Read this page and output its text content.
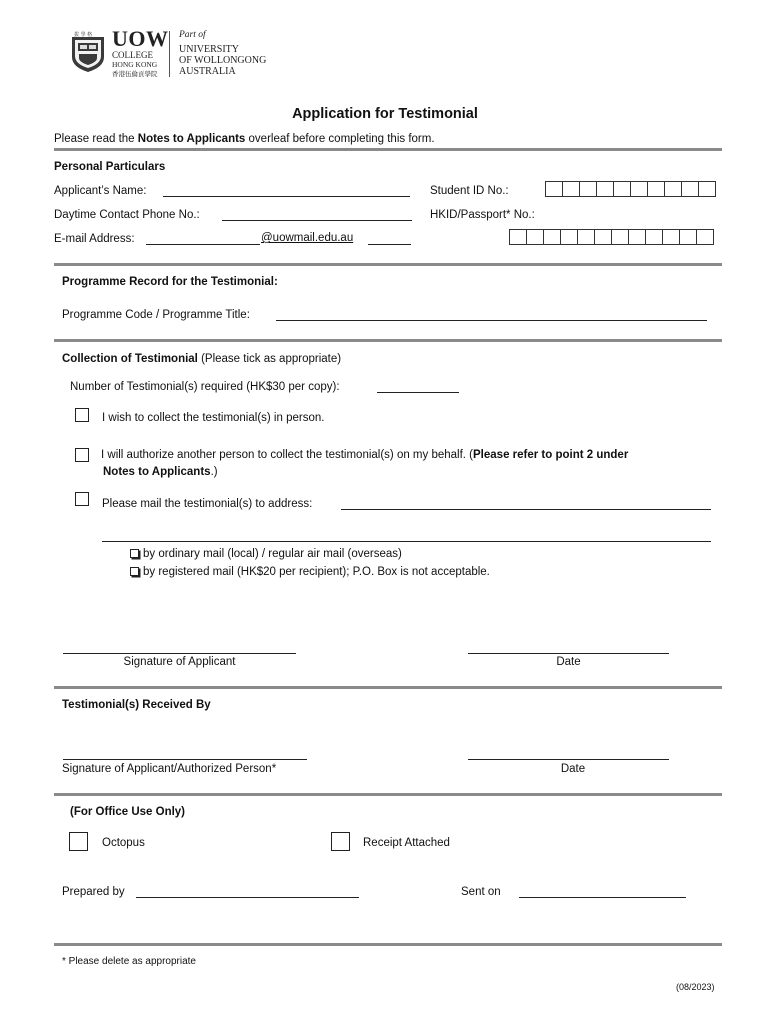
拔 學 格 UOW
COLLEGE
HONG KONG
香港伍倫貢學院
Part of
UNIVERSITY
OF WOLLONGONG
AUSTRALIA
Application for Testimonial
Please read the Notes to Applicants overleaf before completing this form.
Personal Particulars
Applicant’s Name:
Daytime Contact Phone No.:
E-mail Address:	@uowmail.edu.au
Student ID No.:
HKID/Passport* No.:
Programme Record for the Testimonial:
Programme Code / Programme Title:
Collection of Testimonial (Please tick as appropriate)
Number of Testimonial(s) required (HK$30 per copy):
I wish to collect the testimonial(s) in person.
I will authorize another person to collect the testimonial(s) on my behalf. (Please refer to point 2 under
Notes to Applicants.)
Please mail the testimonial(s) to address:
by ordinary mail (local) / regular air mail (overseas)
by registered mail (HK$20 per recipient); P.O. Box is not acceptable.
Signature of Applicant	Date
Testimonial(s) Received By
Signature of Applicant/Authorized Person*	Date
(For Office Use Only)
Octopus	Receipt Attached
Prepared by	Sent on
* Please delete as appropriate
(08/2023)
